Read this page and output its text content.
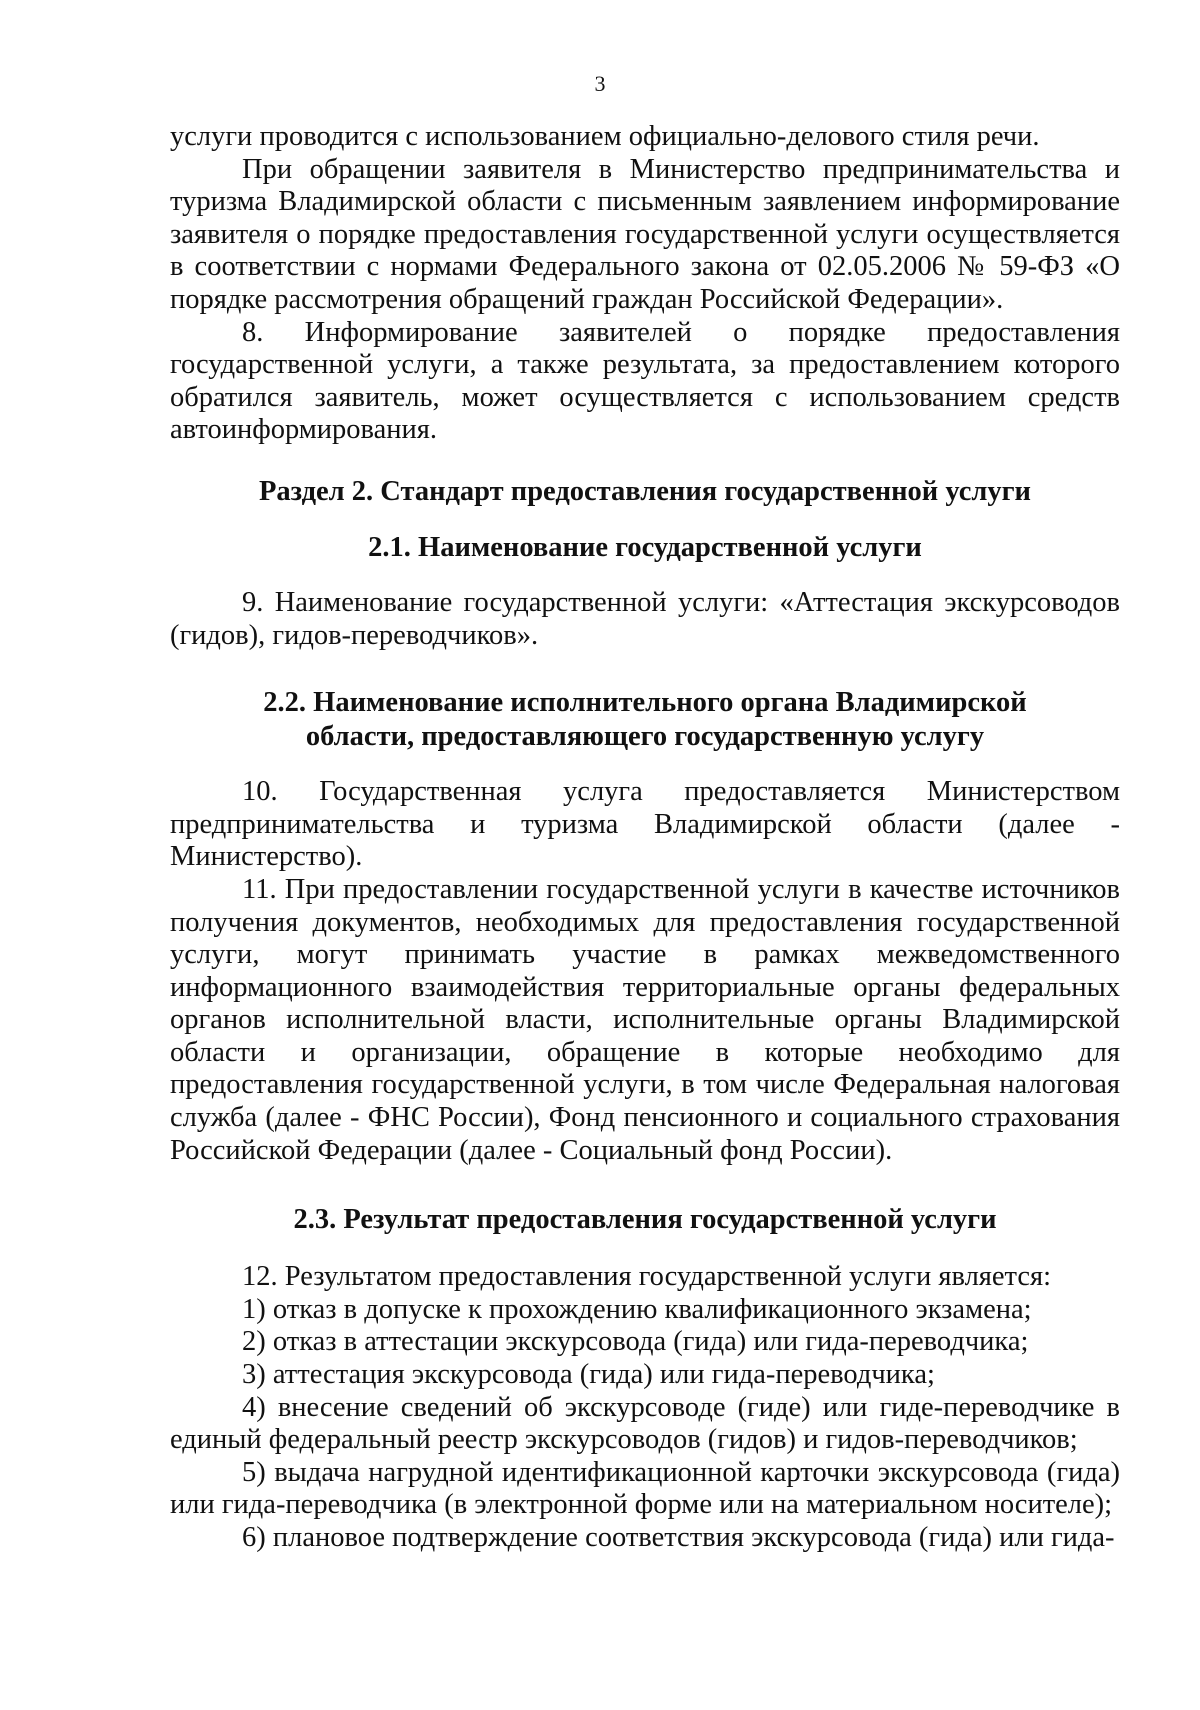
3

услуги проводится с использованием официально-делового стиля речи.

При обращении заявителя в Министерство предпринимательства и туризма Владимирской области с письменным заявлением информирование заявителя о порядке предоставления государственной услуги осуществляется в соответствии с нормами Федерального закона от 02.05.2006 № 59-ФЗ «О порядке рассмотрения обращений граждан Российской Федерации».

8. Информирование заявителей о порядке предоставления государственной услуги, а также результата, за предоставлением которого обратился заявитель, может осуществляется с использованием средств автоинформирования.

Раздел 2. Стандарт предоставления государственной услуги
2.1. Наименование государственной услуги

9. Наименование государственной услуги: «Аттестация экскурсоводов (гидов), гидов-переводчиков».

2.2. Наименование исполнительного органа Владимирской
области, предоставляющего государственную услугу

10. Государственная услуга предоставляется Министерством предпринимательства и туризма Владимирской области (далее - Министерство).

11. При предоставлении государственной услуги в качестве источников получения документов, необходимых для предоставления государственной услуги, могут принимать участие в рамках межведомственного информационного взаимодействия территориальные органы федеральных органов исполнительной власти, исполнительные органы Владимирской области и организации, обращение в которые необходимо для предоставления государственной услуги, в том числе Федеральная налоговая служба (далее - ФНС России), Фонд пенсионного и социального страхования Российской Федерации (далее - Социальный фонд России).

2.3. Результат предоставления государственной услуги

12. Результатом предоставления государственной услуги является:

1) отказ в допуске к прохождению квалификационного экзамена;

2) отказ в аттестации экскурсовода (гида) или гида-переводчика;

3) аттестация экскурсовода (гида) или гида-переводчика;

4) внесение сведений об экскурсоводе (гиде) или гиде-переводчике в единый федеральный реестр экскурсоводов (гидов) и гидов-переводчиков;

5) выдача нагрудной идентификационной карточки экскурсовода (гида) или гида-переводчика (в электронной форме или на материальном носителе);

6) плановое подтверждение соответствия экскурсовода (гида) или гида-
